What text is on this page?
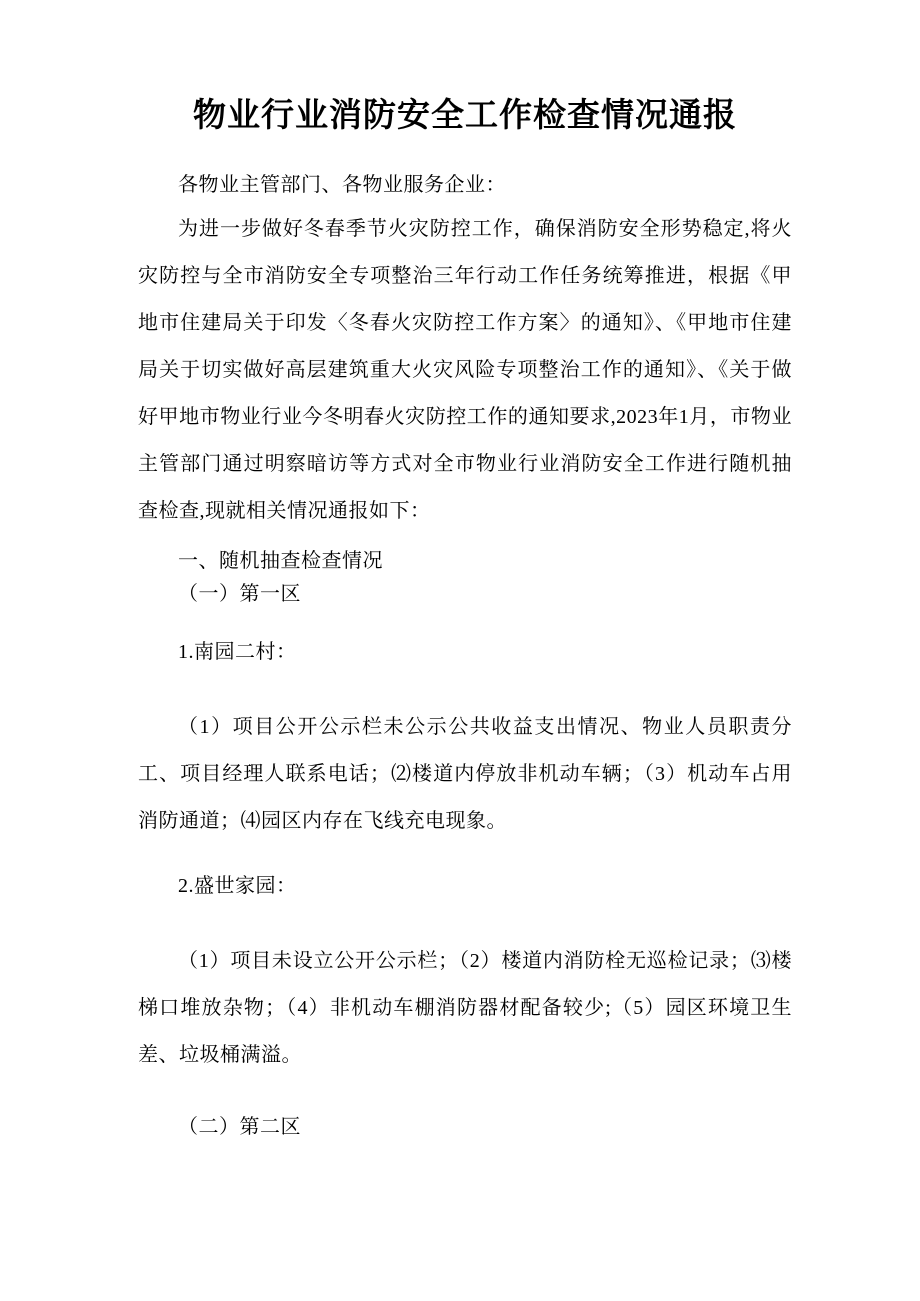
物业行业消防安全工作检查情况通报

各物业主管部门、各物业服务企业：

为进一步做好冬春季节火灾防控工作，确保消防安全形势稳定,将火灾防控与全市消防安全专项整治三年行动工作任务统筹推进，根据《甲地市住建局关于印发〈冬春火灾防控工作方案〉的通知》、《甲地市住建局关于切实做好高层建筑重大火灾风险专项整治工作的通知》、《关于做好甲地市物业行业今冬明春火灾防控工作的通知要求,2023年1月，市物业主管部门通过明察暗访等方式对全市物业行业消防安全工作进行随机抽查检查,现就相关情况通报如下：

一、随机抽查检查情况

（一）第一区

1.南园二村：

（1）项目公开公示栏未公示公共收益支出情况、物业人员职责分工、项目经理人联系电话；⑵楼道内停放非机动车辆；（3）机动车占用消防通道；⑷园区内存在飞线充电现象。

2.盛世家园：

（1）项目未设立公开公示栏；（2）楼道内消防栓无巡检记录；⑶楼梯口堆放杂物；（4）非机动车棚消防器材配备较少;（5）园区环境卫生差、垃圾桶满溢。

（二）第二区
